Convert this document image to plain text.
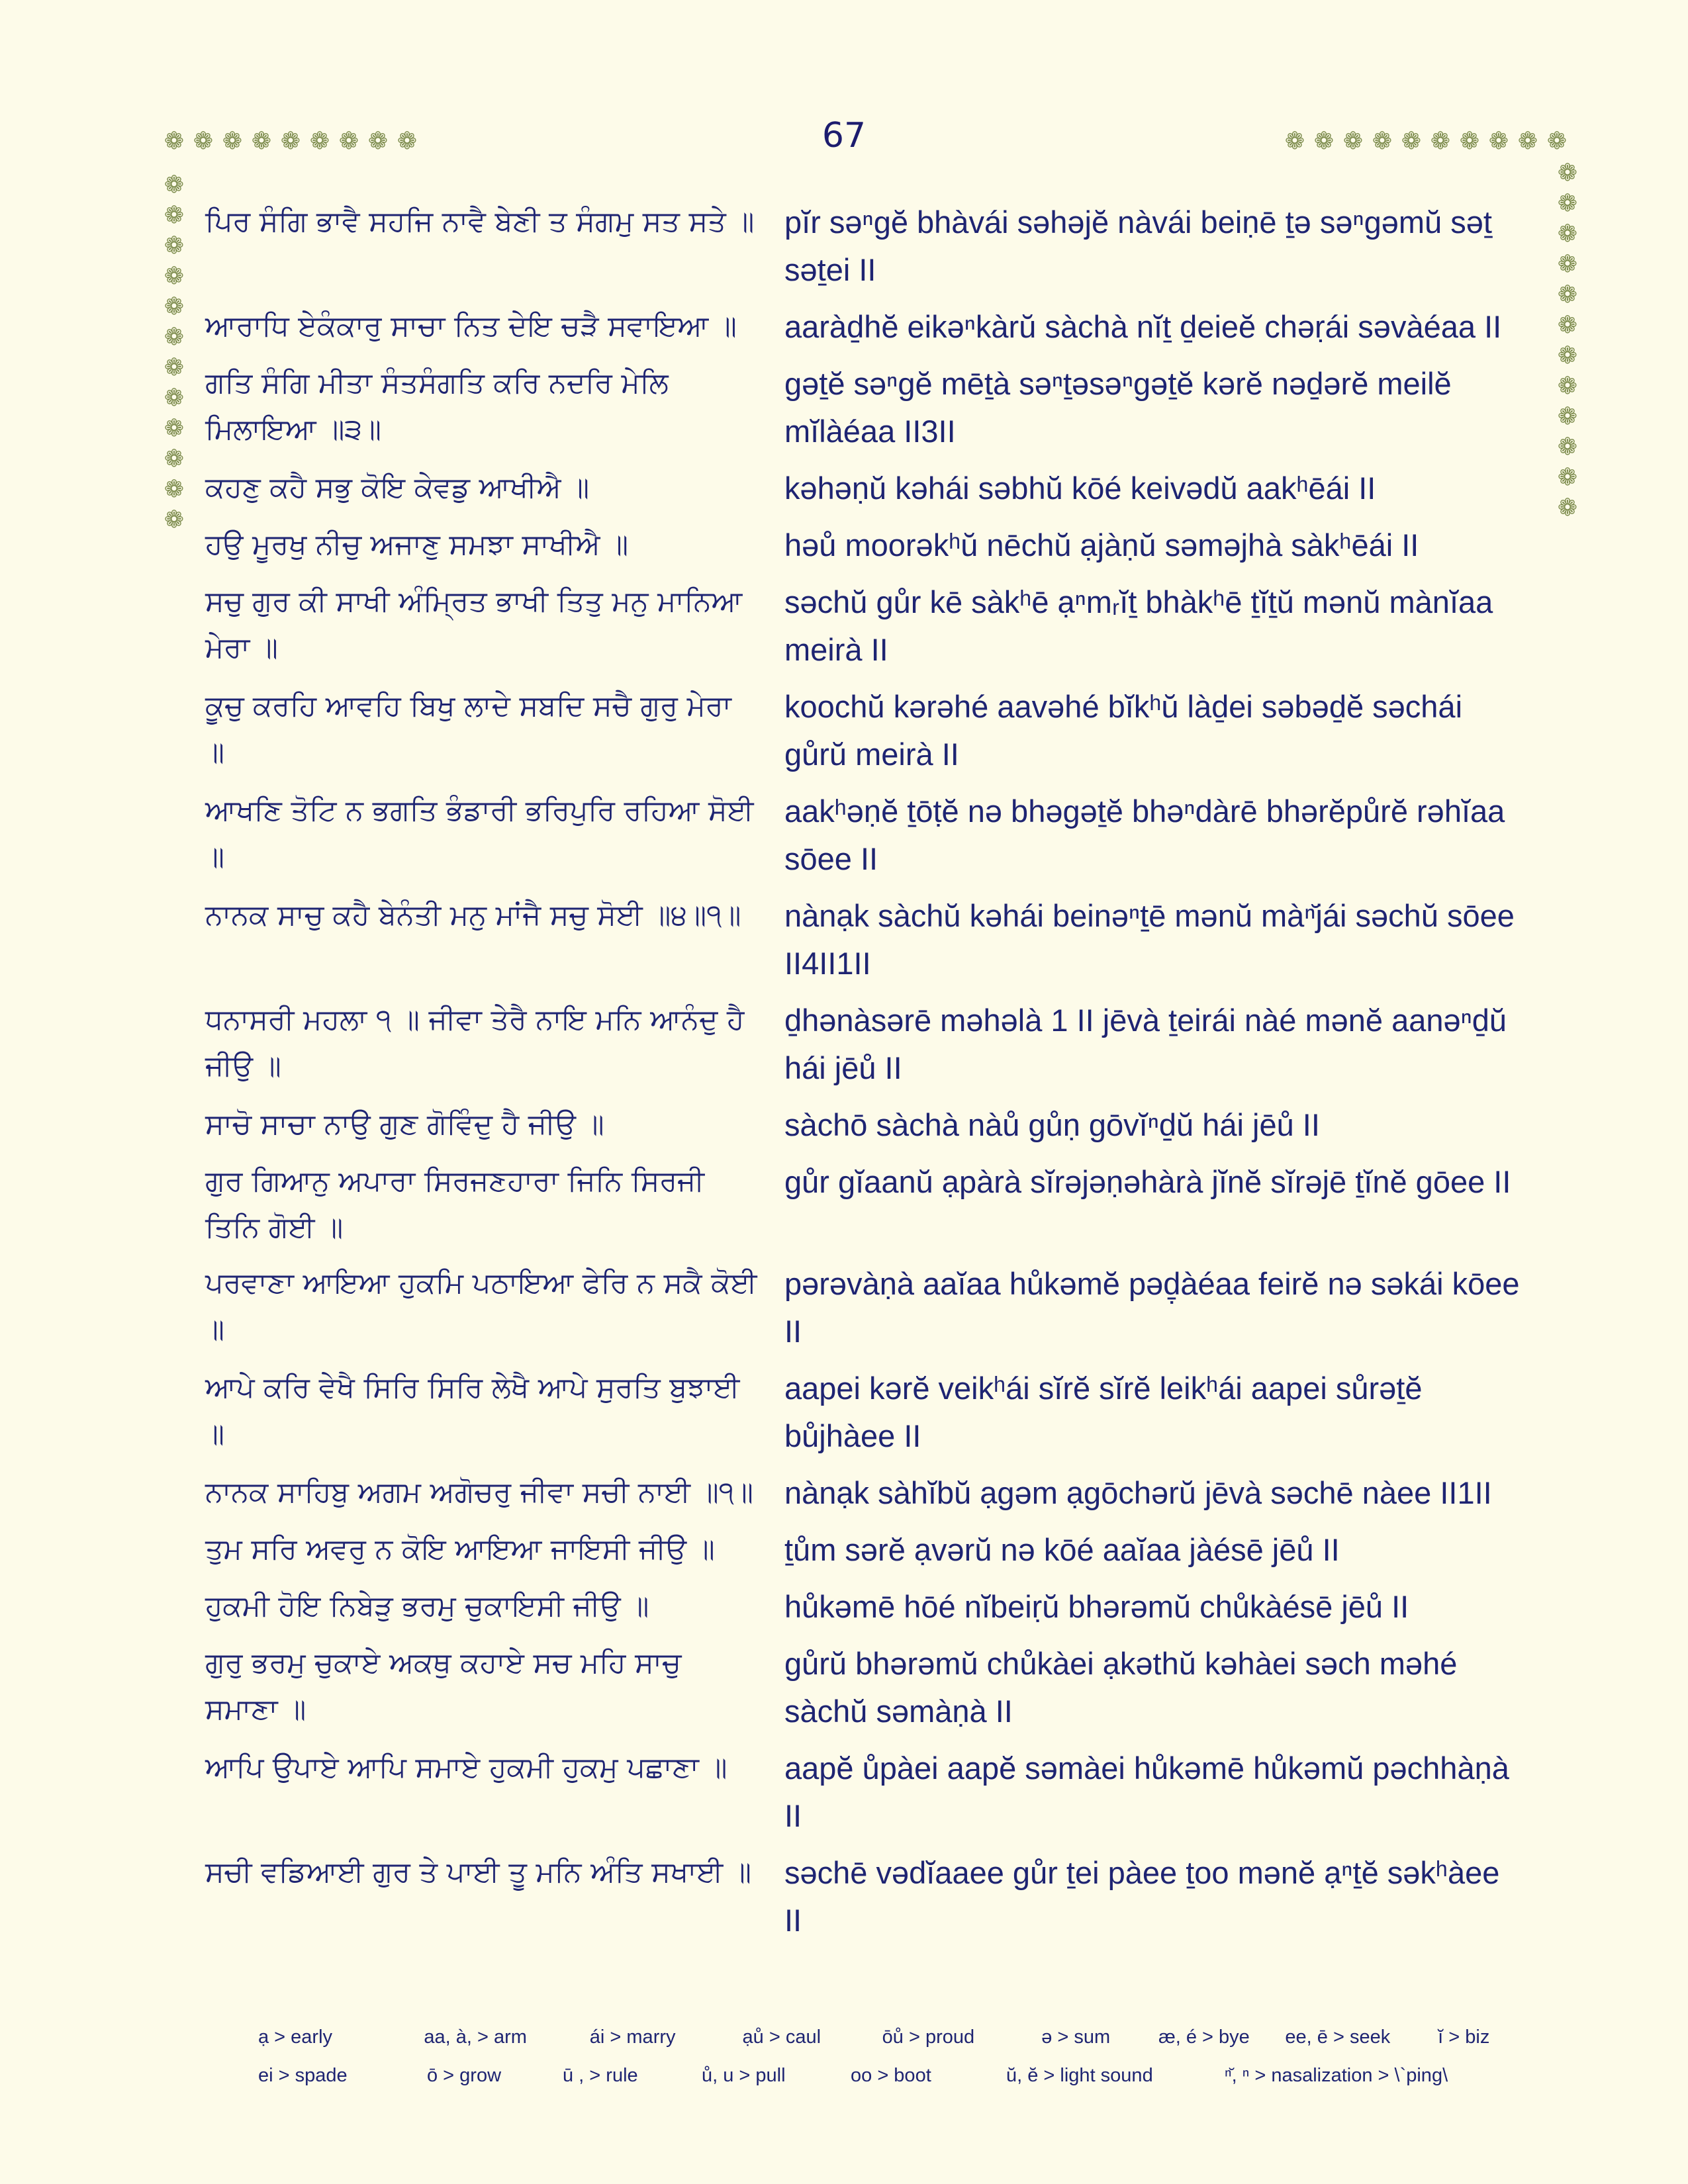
67
❁ ❁ ❁ ❁ ❁ ❁ ❁ ❁ ❁	❁ ❁ ❁ ❁ ❁ ❁ ❁ ❁ ❁ ❁
❁
❁
❁
❁
❁
❁
❁
❁
❁
❁
❁
❁
❁
❁
❁
❁
❁
❁
❁
❁
❁
❁
❁
❁
ਪਿਰ ਸੰਗਿ ਭਾਵੈ ਸਹਜਿ ਨਾਵੈ ਬੇਣੀ ਤ ਸੰਗਮੁ ਸਤ ਸਤੇ ॥ pĭr səⁿgĕ bhàvái səhəjĕ nàvái beiṇē ṯə səⁿgəmŭ səṯ səṯei II
ਆਰਾਧਿ ਏਕੰਕਾਰੁ ਸਾਚਾ ਨਿਤ ਦੇਇ ਚੜੈ ਸਵਾਇਆ ॥	aaràḏhĕ eikəⁿkàrŭ sàchà nĭṯ ḏeieĕ chəṛái səvàéaa II
ਗਤਿ ਸੰਗਿ ਮੀਤਾ ਸੰਤਸੰਗਤਿ ਕਰਿ ਨਦਰਿ ਮੇਲਿ ਮਿਲਾਇਆ ॥੩॥
gəṯĕ səⁿgĕ mēṯà səⁿṯəsəⁿgəṯĕ kərĕ nəḏərĕ meilĕ mĭlàéaa II3II
ਕਹਣੁ ਕਹੈ ਸਭੁ ਕੋਇ ਕੇਵਡੁ ਆਖੀਐ ॥	kəhəṇŭ kəhái səbhŭ kōé keivədŭ aakʰēái II
ਹਉ ਮੂਰਖੁ ਨੀਚੁ ਅਜਾਣੁ ਸਮਝਾ ਸਾਖੀਐ ॥	həů moorəkʰŭ nēchŭ ạjàṇŭ səməjhà sàkʰēái II
ਸਚੁ ਗੁਰ ਕੀ ਸਾਖੀ ਅੰਮ੍ਰਿਤ ਭਾਖੀ ਤਿਤੁ ਮਨੁ ਮਾਨਿਆ ਮੇਰਾ ॥
səchŭ gůr kē sàkʰē ạⁿmᵣĭṯ bhàkʰē ṯĭṯŭ mənŭ mànĭaa meirà II
ਕੂਚੁ ਕਰਹਿ ਆਵਹਿ ਬਿਖੁ ਲਾਦੇ ਸਬਦਿ ਸਚੈ ਗੁਰੁ ਮੇਰਾ ॥
koochŭ kərəhé aavəhé bĭkʰŭ làḏei səbəḏĕ səchái gůrŭ meirà II
ਆਖਣਿ ਤੋਟਿ ਨ ਭਗਤਿ ਭੰਡਾਰੀ ਭਰਿਪੁਰਿ ਰਹਿਆ ਸੋਈ ॥
aakʰəṇĕ ṯōṭĕ nə bhəgəṯĕ bhəⁿdàrē bhərĕpůrĕ rəhĭaa sōee II
ਨਾਨਕ ਸਾਚੁ ਕਹੈ ਬੇਨੰਤੀ ਮਨੁ ਮਾਂਜੈ ਸਚੁ ਸੋਈ ॥੪॥੧॥	nànạk sàchŭ kəhái beinəⁿṯē mənŭ màⁿ̆jái səchŭ sōee II4II1II
ਧਨਾਸਰੀ ਮਹਲਾ ੧ ॥ ਜੀਵਾ ਤੇਰੈ ਨਾਇ ਮਨਿ ਆਨੰਦੁ ਹੈ ਜੀਉ ॥
ḏhənàsərē məhəlà 1 II jēvà ṯeirái nàé mənĕ aanəⁿḏŭ hái jēů II
ਸਾਚੋ ਸਾਚਾ ਨਾਉ ਗੁਣ ਗੋਵਿੰਦੁ ਹੈ ਜੀਉ ॥	sàchō sàchà nàů gůṇ gōvĭⁿḏŭ hái jēů II
ਗੁਰ ਗਿਆਨੁ ਅਪਾਰਾ ਸਿਰਜਣਹਾਰਾ ਜਿਨਿ ਸਿਰਜੀ ਤਿਨਿ ਗੋਈ ॥
gůr gĭaanŭ ạpàrà sĭrəjəṇəhàrà jĭnĕ sĭrəjē ṯĭnĕ gōee II
ਪਰਵਾਣਾ ਆਇਆ ਹੁਕਮਿ ਪਠਾਇਆ ਫੇਰਿ ਨ ਸਕੈ ਕੋਈ ॥
pərəvàṇà aaĭaa hůkəmĕ pəḏ̣àéaa feirĕ nə səkái kōee II
ਆਪੇ ਕਰਿ ਵੇਖੈ ਸਿਰਿ ਸਿਰਿ ਲੇਖੈ ਆਪੇ ਸੁਰਤਿ ਬੁਝਾਈ ॥
aapei kərĕ veikʰái sĭrĕ sĭrĕ leikʰái aapei sůrəṯĕ bůjhàee II
ਨਾਨਕ ਸਾਹਿਬੁ ਅਗਮ ਅਗੋਚਰੁ ਜੀਵਾ ਸਚੀ ਨਾਈ ॥੧॥ nànạk sàhĭbŭ ạgəm ạgōchərŭ jēvà səchē nàee II1II
ਤੁਮ ਸਰਿ ਅਵਰੁ ਨ ਕੋਇ ਆਇਆ ਜਾਇਸੀ ਜੀਉ ॥	ṯům sərĕ ạvərŭ nə kōé aaĭaa jàésē jēů II
ਹੁਕਮੀ ਹੋਇ ਨਿਬੇੜੁ ਭਰਮੁ ਚੁਕਾਇਸੀ ਜੀਉ ॥	hůkəmē hōé nĭbeiṛŭ bhərəmŭ chůkàésē jēů II
ਗੁਰੁ ਭਰਮੁ ਚੁਕਾਏ ਅਕਥੁ ਕਹਾਏ ਸਚ ਮਹਿ ਸਾਚੁ ਸਮਾਣਾ ॥
gůrŭ bhərəmŭ chůkàei ạkəthŭ kəhàei səch məhé sàchŭ səmàṇà II
ਆਪਿ ਉਪਾਏ ਆਪਿ ਸਮਾਏ ਹੁਕਮੀ ਹੁਕਮੁ ਪਛਾਣਾ ॥	aapĕ ůpàei aapĕ səmàei hůkəmē hůkəmŭ pəchhàṇà II
ਸਚੀ ਵਡਿਆਈ ਗੁਰ ਤੇ ਪਾਈ ਤੂ ਮਨਿ ਅੰਤਿ ਸਖਾਈ ॥	səchē vədĭaaee gůr ṯei pàee ṯoo mənĕ ạⁿṯĕ səkʰàee II
ạ > early	aa, à, > arm	ái > marry	ạů > caul	ōů > proud	ə > sum	æ, é > bye	ee, ē > seek	ĭ > biz
ei > spade	ō > grow	ū , > rule	ů, u > pull	oo > boot	ŭ, ĕ > light sound	ⁿ̆, ⁿ > nasalization > \`ping\
